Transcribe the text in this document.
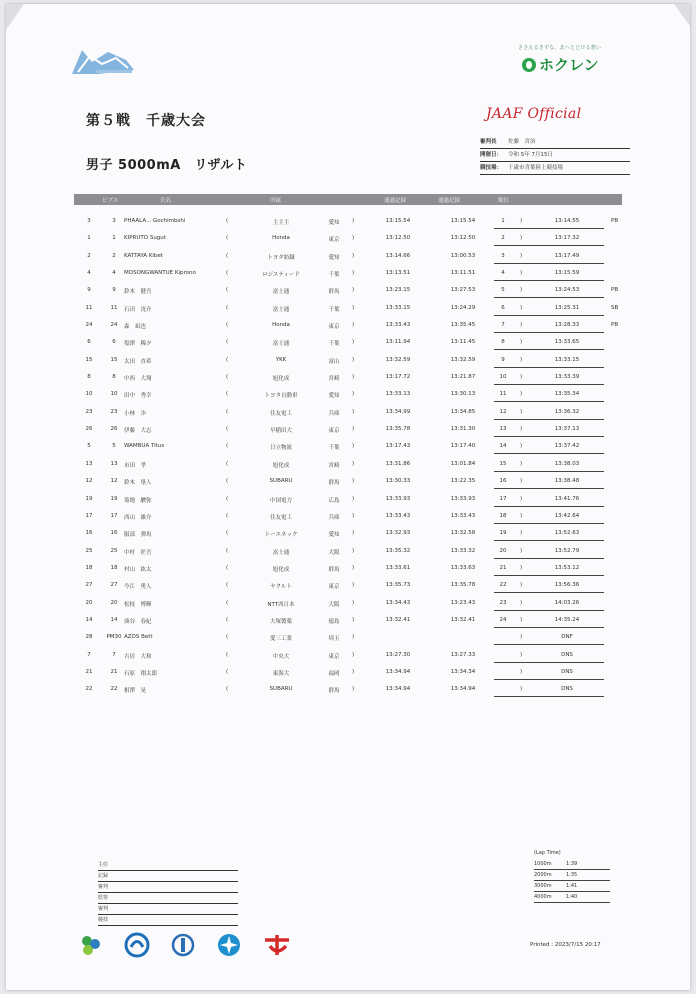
ささえるきずな、北へとどける想い
ホクレン
第５戦　千歳大会	JAAF Official
男子 5000mA　リザルト
審判長 佐藤　宮治
開催日： 令和 5年 7月15日
競技場： 千歳市青葉陸上競技場
ビブス	氏名	所属	通過記録	通過記録	順位
3	3	PHAALA... Gochimbshi	(	主主主	愛知	)	13:15.54	13:15.54	1	)	13:14.55	PB
1	1	KIPRUTO Sugut	(	Honda	東京	)	13:12.50	13:12.50	2	)	13:17.32
2	2	KATTAYA Kibet	(	トヨタ紡織	愛知	)	13:14.66	13:00.53	3	)	13:17.49
4	4	MOSONGWANTUE Kiprono	(	ロジスティード	千葉	)	13:13.51	13:11.51	4	)	13:15.59
9	9	鈴木　健吾	(	富士通	群馬	)	13:23.15	13:27.53	5	)	13:24.53	PB
11	11	石田　洸介	(	富士通	千葉	)	13:33.15	13:24.29	6	)	13:25.31	SB
24	24	森　凪也	(	Honda	東京	)	13:33.43	13:35.45	7	)	13:28.33	PB
6	6	塩澤　稀夕	(	富士通	千葉	)	13:11.94	13:11.45	8	)	13:33.65
15	15	太田　直希	(	YKK	富山	)	13:32.59	13:32.59	9	)	13:33.15
8	8	中西　大翔	(	旭化成	宮崎	)	13:17.72	13:21.87	10	)	13:33.39
10	10	田中　秀幸	(	トヨタ自動車	愛知	)	13:33.13	13:30.13	11	)	13:35.34
23	23	小林　歩	(	住友電工	兵庫	)	13:34.99	13:34.85	12	)	13:36.32
26	26	伊藤　大志	(	早稲田大	東京	)	13:35.78	13:31.30	13	)	13:37.13
5	5	WAMBUA Titus	(	日立物流	千葉	)	13:17.43	13:17.40	14	)	13:37.42
13	13	市田　孝	(	旭化成	宮崎	)	13:31.86	13:01.84	15	)	13:38.03
12	12	鈴木　塁人	(	SUBARU	群馬	)	13:30.33	13:22.35	16	)	13:38.48
19	19	菊地　駿弥	(	中国電力	広島	)	13:33.93	13:33.93	17	)	13:41.76
17	17	西山　雄介	(	住友電工	兵庫	)	13:33.43	13:33.43	18	)	13:42.64
16	16	服部　弾馬	(	トーエネック	愛知	)	13:32.93	13:32.58	19	)	13:52.63
25	25	中村　匠吾	(	富士通	大阪	)	13:35.32	13:33.32	20	)	13:52.79
18	18	村山　紘太	(	旭化成	群馬	)	13:33.61	13:33.63	21	)	13:53.12
27	27	今江　勇人	(	ヤクルト	東京	)	13:35.73	13:35.78	22	)	13:56.36
20	20	松枝　博輝	(	NTT西日本	大阪	)	13:34.43	13:23.43	23	)	14:03.26
14	14	湊谷　春紀	(	大塚製薬	徳島	)	13:32.41	13:32.41	24	)	14:35.24
28	PM30 AZOS Bett	(	愛三工業	埼玉	)	)	DNF
7	7	吉居　大和	(	中央大	東京	)	13:27.30	13:27.33	)	DNS
21	21	石原　翔太郎	(	東海大	福岡	)	13:34.94	13:34.34	)	DNS
22	22	相澤　晃	(	SUBARU	群馬	)	13:34.94	13:34.94	)	DNS
主任
記録
審判
監察
審判
競技
(Lap Time)
1000m	1:39
2000m	1:35
3000m	1:41
4000m	1:40
Printed : 2023/7/15 20:17
